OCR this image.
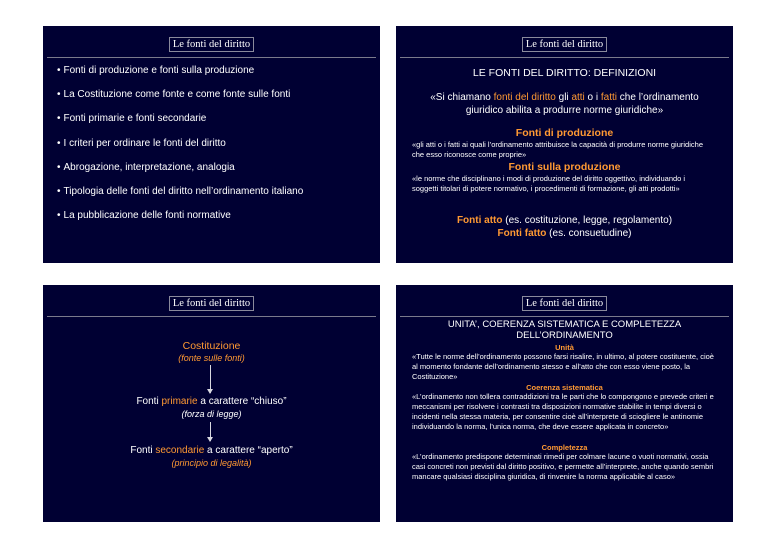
Le fonti del diritto
• Fonti di produzione e fonti sulla produzione
• La Costituzione come fonte e come fonte sulle fonti
• Fonti primarie e fonti secondarie
• I criteri per ordinare le fonti del diritto
• Abrogazione, interpretazione, analogia
• Tipologia delle fonti del diritto nell’ordinamento italiano
• La pubblicazione delle fonti normative
Le fonti del diritto
LE FONTI DEL DIRITTO: DEFINIZIONI
«Si chiamano fonti del diritto gli atti o i fatti che l’ordinamento
giuridico abilita a produrre norme giuridiche»
Fonti di produzione
«gli atti o i fatti ai quali l’ordinamento attribuisce la capacità di produrre norme giuridiche che esso riconosce come proprie»
Fonti sulla produzione
«le norme che disciplinano i modi di produzione del diritto oggettivo, individuando i soggetti titolari di potere normativo, i procedimenti di formazione, gli atti prodotti»
Fonti atto (es. costituzione, legge, regolamento)
Fonti fatto (es. consuetudine)
Le fonti del diritto
Costituzione
(fonte sulle fonti)
Fonti primarie a carattere “chiuso”
(forza di legge)
Fonti secondarie a carattere “aperto”
(principio di legalità)
Le fonti del diritto
UNITA’, COERENZA SISTEMATICA E COMPLETEZZA
DELL’ORDINAMENTO
Unità
«Tutte le norme dell’ordinamento possono farsi risalire, in ultimo, al potere costituente, cioè al momento fondante dell’ordinamento stesso e all’atto che con esso viene posto, la Costituzione»
Coerenza sistematica
«L’ordinamento non tollera contraddizioni tra le parti che lo compongono e prevede criteri e meccanismi per risolvere i contrasti tra disposizioni normative stabilite in tempi diversi o incidenti nella stessa materia, per consentire cioè all’interprete di sciogliere le antinomie individuando la norma, l’unica norma, che deve essere applicata in concreto»
Completezza
«L’ordinamento predispone determinati rimedi per colmare lacune o vuoti normativi, ossia casi concreti non previsti dal diritto positivo, e permette all’interprete, anche quando sembri mancare qualsiasi disciplina giuridica, di rinvenire la norma applicabile al caso»
